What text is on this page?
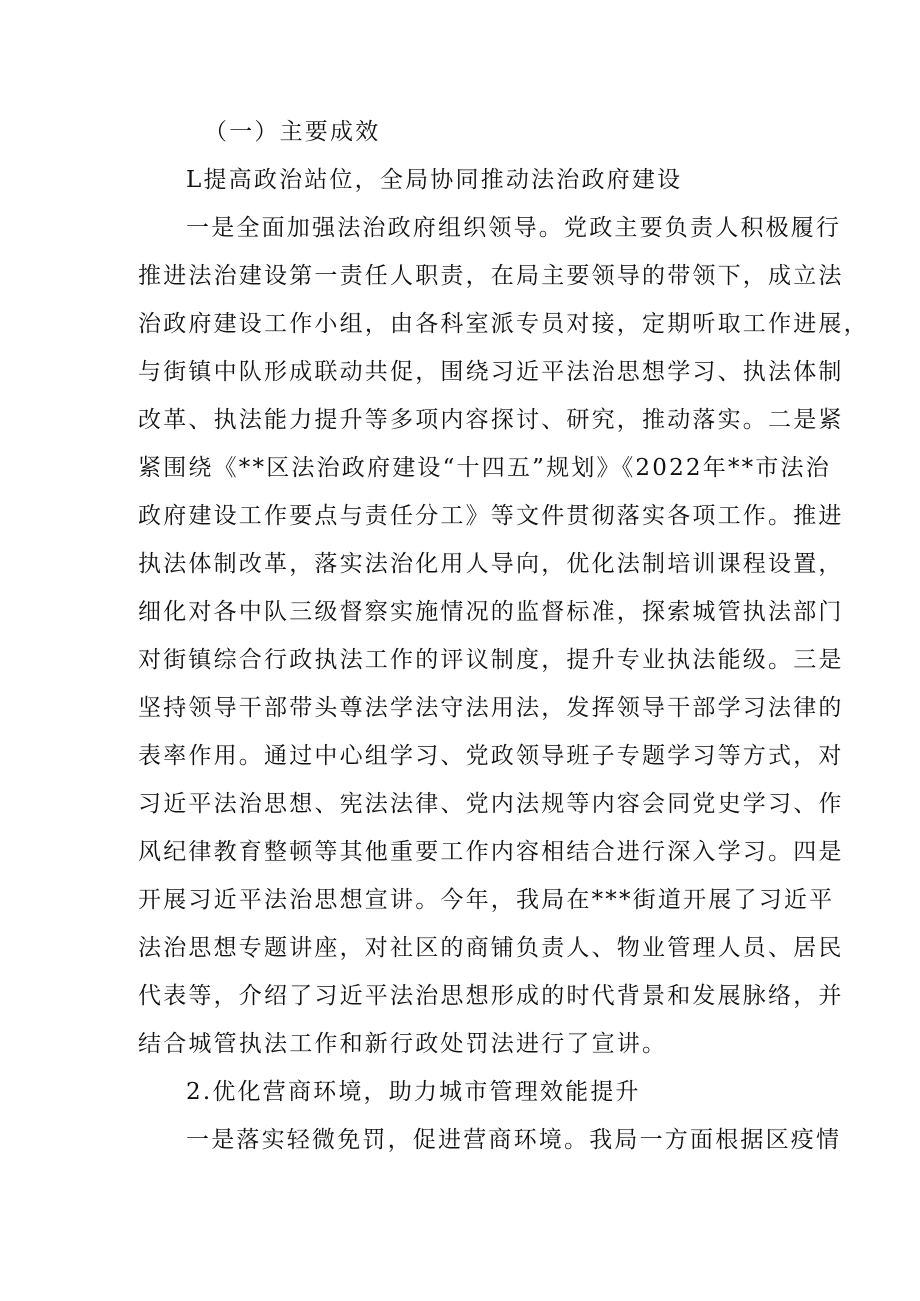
（一）主要成效
L提高政治站位，全局协同推动法治政府建设
一是全面加强法治政府组织领导。党政主要负责人积极履行
推进法治建设第一责任人职责，在局主要领导的带领下，成立法
治政府建设工作小组，由各科室派专员对接，定期听取工作进展，
与街镇中队形成联动共促，围绕习近平法治思想学习、执法体制
改革、执法能力提升等多项内容探讨、研究，推动落实。二是紧
紧围绕《**区法治政府建设“十四五”规划》《2022年**市法治
政府建设工作要点与责任分工》等文件贯彻落实各项工作。推进
执法体制改革，落实法治化用人导向，优化法制培训课程设置，
细化对各中队三级督察实施情况的监督标准，探索城管执法部门
对街镇综合行政执法工作的评议制度，提升专业执法能级。三是
坚持领导干部带头尊法学法守法用法，发挥领导干部学习法律的
表率作用。通过中心组学习、党政领导班子专题学习等方式，对
习近平法治思想、宪法法律、党内法规等内容会同党史学习、作
风纪律教育整顿等其他重要工作内容相结合进行深入学习。四是
开展习近平法治思想宣讲。今年，我局在***街道开展了习近平
法治思想专题讲座，对社区的商铺负责人、物业管理人员、居民
代表等，介绍了习近平法治思想形成的时代背景和发展脉络，并
结合城管执法工作和新行政处罚法进行了宣讲。
2.优化营商环境，助力城市管理效能提升
一是落实轻微免罚，促进营商环境。我局一方面根据区疫情
